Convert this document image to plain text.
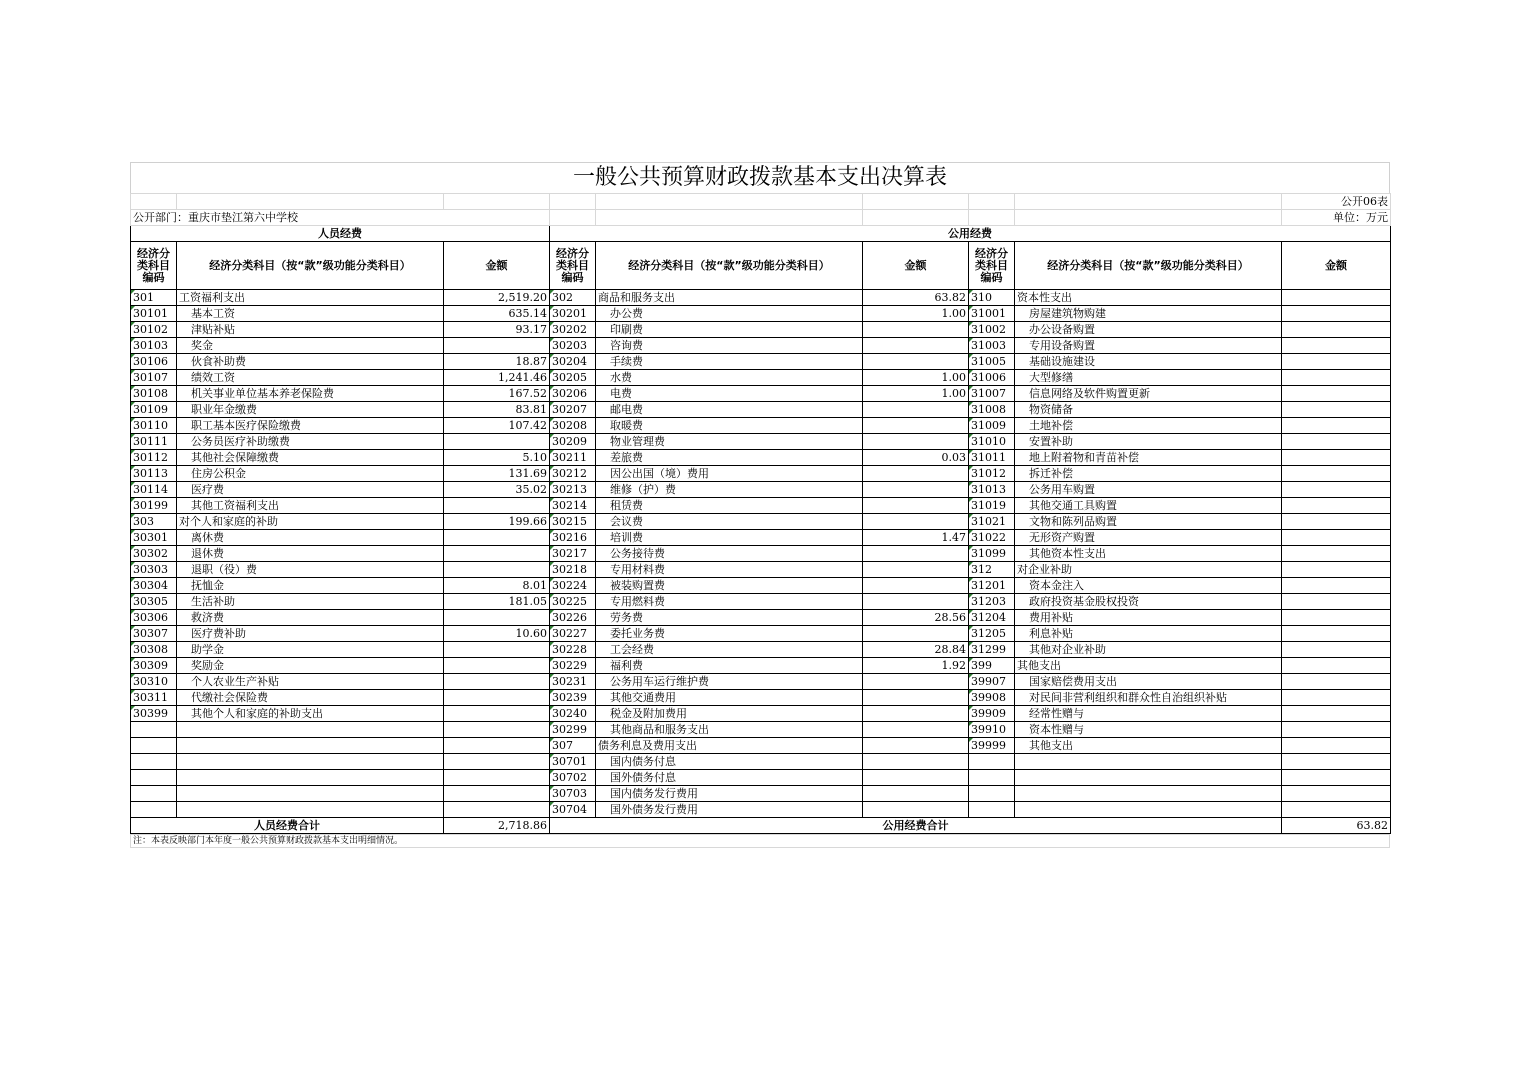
一般公共预算财政拨款基本支出决算表
								公开06表
公开部门：重庆市垫江第六中学校								单位：万元
人员经费			公用经费					
经济分类科目编码	经济分类科目（按“款”级功能分类科目）	金额	经济分类科目编码	经济分类科目（按“款”级功能分类科目）	金额	经济分类科目编码	经济分类科目（按“款”级功能分类科目）	金额
301	工资福利支出	2,519.20	302	商品和服务支出	63.82	310	资本性支出	
30101	基本工资	635.14	30201	办公费	1.00	31001	房屋建筑物购建	
30102	津贴补贴	93.17	30202	印刷费		31002	办公设备购置	
30103	奖金		30203	咨询费		31003	专用设备购置	
30106	伙食补助费	18.87	30204	手续费		31005	基础设施建设	
30107	绩效工资	1,241.46	30205	水费	1.00	31006	大型修缮	
30108	机关事业单位基本养老保险费	167.52	30206	电费	1.00	31007	信息网络及软件购置更新	
30109	职业年金缴费	83.81	30207	邮电费		31008	物资储备	
30110	职工基本医疗保险缴费	107.42	30208	取暖费		31009	土地补偿	
30111	公务员医疗补助缴费		30209	物业管理费		31010	安置补助	
30112	其他社会保障缴费	5.10	30211	差旅费	0.03	31011	地上附着物和青苗补偿	
30113	住房公积金	131.69	30212	因公出国（境）费用		31012	拆迁补偿	
30114	医疗费	35.02	30213	维修（护）费		31013	公务用车购置	
30199	其他工资福利支出		30214	租赁费		31019	其他交通工具购置	
303	对个人和家庭的补助	199.66	30215	会议费		31021	文物和陈列品购置	
30301	离休费		30216	培训费	1.47	31022	无形资产购置	
30302	退休费		30217	公务接待费		31099	其他资本性支出	
30303	退职（役）费		30218	专用材料费		312	对企业补助	
30304	抚恤金	8.01	30224	被装购置费		31201	资本金注入	
30305	生活补助	181.05	30225	专用燃料费		31203	政府投资基金股权投资	
30306	救济费		30226	劳务费	28.56	31204	费用补贴	
30307	医疗费补助	10.60	30227	委托业务费		31205	利息补贴	
30308	助学金		30228	工会经费	28.84	31299	其他对企业补助	
30309	奖励金		30229	福利费	1.92	399	其他支出	
30310	个人农业生产补贴		30231	公务用车运行维护费		39907	国家赔偿费用支出	
30311	代缴社会保险费		30239	其他交通费用		39908	对民间非营利组织和群众性自治组织补贴	
30399	其他个人和家庭的补助支出		30240	税金及附加费用		39909	经常性赠与	
			30299	其他商品和服务支出		39910	资本性赠与	
			307	债务利息及费用支出		39999	其他支出	
			30701	国内债务付息				
			30702	国外债务付息				
			30703	国内债务发行费用				
			30704	国外债务发行费用				
人员经费合计		2,718.86	公用经费合计					63.82
注：本表反映部门本年度一般公共预算财政拨款基本支出明细情况。
